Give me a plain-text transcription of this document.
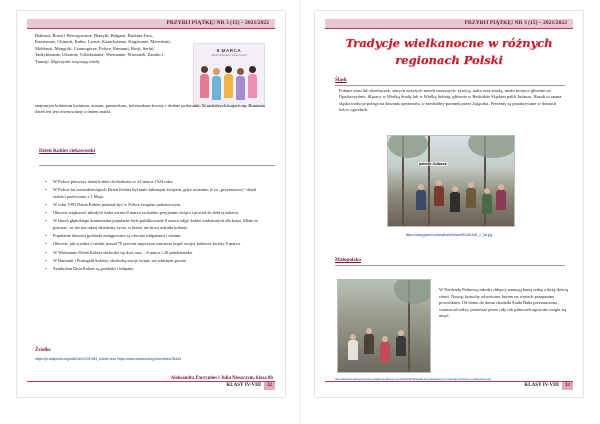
PRZYBIJ PIĄTKĘ! NR 3 (15) – 2021/2022
Białoruś, Bośni i Hercegowinie, Brazylii, Bułgarii, Burkina Faso, Kamerunie, Chinach, Kubie, Laosie, Kazachstanie, Kirgistanie, Macedonii, Mołdawii, Mongolii, Czarnogórze, Polsce, Rumunii, Rosji, Serbii, Tadżykistanie, Ukrainie, Uzbekistanie, Wietnamie, Wiosenek, Zambii i Tunezji. Mężczyźni wręczają wtedy
8 MARCA
Międzynarodowy Dzień Kobiet
znajomym kobietom kwiatom, żonom, partnerkom, koleżankom kwiaty i drobne podarunki. W niektórych krajach np. Rumunia dzień ten jest równoważny z dniem matki.
Dzień Kobiet ciekawostki
• W Polsce pierwszy dzień kobiet obchodzono w 24 marca 1924 roku.
• W Polsce lat osiemdziesiątych Dzień Kobiet był mało lubianym świętem, gdyż uważano je za „przymusowy” dzień radości pożywiony z.1 Maja.
• W roku 1993 Dzień Kobiet przestał być w Polsce świętem państwowym.
• Obecnie większość młodych ludzi uważa 8 marca za bardzo przyjemne święto i powód do dobrej zabawy.
• W latach głębokiego komunizmu popularne było publikowanie 8 marca zdjęć kobiet zasłużonych dla kraju. Miało to pokazać, że nie ma takiej dziedziny życia, w której nie biorą udziału kobiety.
• Popularne dawniej goździki zastępowane są obecnie tulipanami i różami.
• Obecnie, jak wynika z badań, ponad 70 procent mężczyzn zamierza kupić swojej kobiecie kwiaty 8 marca.
• W Wietnamie Dzień Kobiet obchodzi się dwa razy – 8 marca i 20 października.
• W Rumunii i Portugalii kobiety obchodzą swoje święto we własnym gronie.
• Symbolem Dnia Kobiet są goździki i tulipany.
Źródło:
https://pl.wikipedia.org/wiki/Dzie%C5%84_Kobiet oraz https://www.naszeszkoly.pl/archives/35446
Aleksandra Parzymies i Julia Nieszczym, klasa 8b
KLASY IV-VIII 32
PRZYBIJ PIĄTKĘ! NR 3 (15) – 2021/2022
Tradycje wielkanocne w różnych regionach Polski
Śląsk
Polanie żuru lub skrobaczek, starych zużytych moteli naszynych: żywicą, nafta oraz smołą, miało miejsce głównie na Opolszczyźnie. Śląsacy w Wielką Środę lub w Wielką Sobotę, głównie w Beskidzie Śląskim palili Judasza. Hazok to znana śląska tradycja polega na dawaniu prezentów w niedzielny poranek przez Zajączka. Prezenty są pozakrywane w domach lub w ogrodach.
palenie Judasza
https://ukarygumnin.pl/lokali/a/b/i/b/dda9312812ef1_n_full.jpg
Małopolska
W Niedzielę Palmową młodzi chłopcy smarują bazią sedzę z dużą ilością ciemi. Nosząc kożuchy odwrócone futrem na wierzch przepasane powrósłami. Od domu do domu chodziła Śiuda Baba przeznaczona , czasem od sadzy, ponieważ przez cały rok pilnowali ognia nie mogła się umyć.
http://lesiebeznadogumininfomoriada.wordpress.com/2013/03/30/slaski-stroj-wielkanocny-zwyczaje-obrzedy-w-malopolsce.jpg
KLASY IV-VIII 33
